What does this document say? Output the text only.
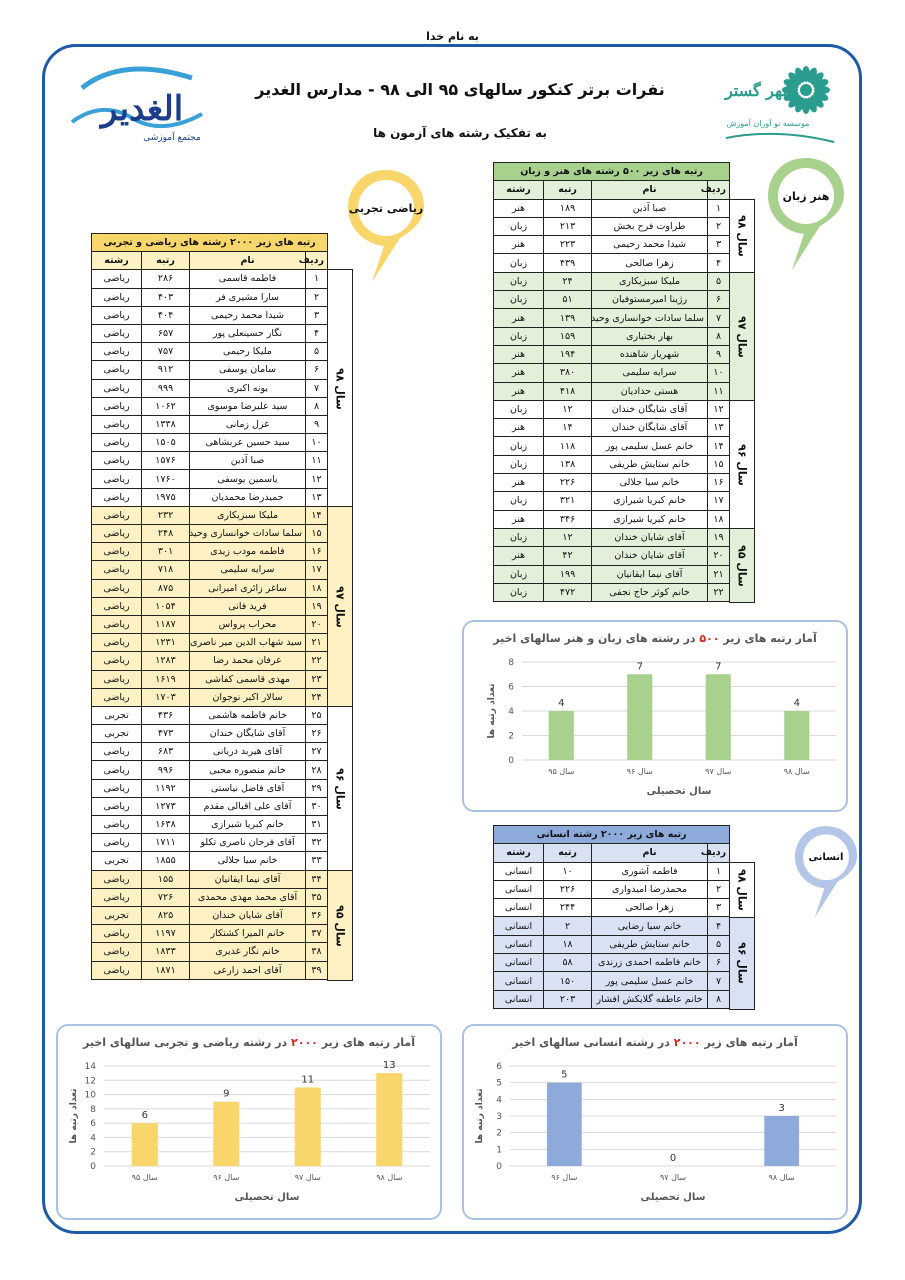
به نام خدا
نفرات برتر کنکور سالهای ۹۵ الی ۹۸ - مدارس الغدیر
به تفکیک رشته های آزمون ها
الغدیر
مجتمع آموزشی
مهر گستر
موسسه نو آوران آموزش
ریاضی تجربی
هنر زبان
انسانی
رتبه های زیر ۲۰۰۰ رشته های ریاضی و تجربی			
ردیف	نام	رتبه	رشته
۱	فاطمه قاسمی	۲۸۶	ریاضی
۲	سارا مشیری فر	۴۰۳	ریاضی
۳	شیدا محمد رحیمی	۴۰۴	ریاضی
۴	نگار حسینعلی پور	۶۵۷	ریاضی
۵	ملیکا رحیمی	۷۵۷	ریاضی
۶	سامان یوسفی	۹۱۲	ریاضی
۷	یونه اکبری	۹۹۹	ریاضی
۸	سید علیرضا موسوی	۱۰۶۲	ریاضی
۹	غزل زمانی	۱۳۳۸	ریاضی
۱۰	سید حسین عربشاهی	۱۵۰۵	ریاضی
۱۱	صبا آذین	۱۵۷۶	ریاضی
۱۲	یاسمین یوسفی	۱۷۶۰	ریاضی
۱۳	حمیدرضا محمدیان	۱۹۷۵	ریاضی
۱۴	ملیکا سبزیکاری	۲۳۲	ریاضی
۱۵	سلما سادات خوانساری وحید	۲۴۸	ریاضی
۱۶	فاطمه مودب زیدی	۳۰۱	ریاضی
۱۷	سرایه سلیمی	۷۱۸	ریاضی
۱۸	ساغر زائری امیرانی	۸۷۵	ریاضی
۱۹	فرید فانی	۱۰۵۴	ریاضی
۲۰	محراب پرواس	۱۱۸۷	ریاضی
۲۱	سید شهاب الدین میر ناصری	۱۲۳۱	ریاضی
۲۲	عرفان محمد رضا	۱۲۸۳	ریاضی
۲۳	مهدی قاسمی کفاشی	۱۶۱۹	ریاضی
۲۴	سالار اکبر نوجوان	۱۷۰۳	ریاضی
۲۵	خانم فاطمه هاشمی	۴۳۶	تجربی
۲۶	آقای شایگان خندان	۴۷۳	تجربی
۲۷	آقای هیربد دریانی	۶۸۳	ریاضی
۲۸	خانم منصوره محبی	۹۹۶	ریاضی
۲۹	آقای فاضل نیاستی	۱۱۹۲	ریاضی
۳۰	آقای علی اقبالی مقدم	۱۲۷۳	ریاضی
۳۱	خانم کبریا شیرازی	۱۶۳۸	ریاضی
۳۲	آقای فرحان ناصری تکلو	۱۷۱۱	ریاضی
۳۳	خانم سیا جلالی	۱۸۵۵	تجربی
۳۴	آقای نیما ایقانیان	۱۵۵	ریاضی
۳۵	آقای محمد مهدی محمدی	۷۲۶	ریاضی
۳۶	آقای شایان خندان	۸۲۵	تجربی
۳۷	خانم المیرا کشتکار	۱۱۹۷	ریاضی
۳۸	خانم نگار غدیری	۱۸۳۳	ریاضی
۳۹	آقای احمد زارعی	۱۸۷۱	ریاضی
رتبه های زیر ۵۰۰ رشته های هنر و زبان			
ردیف	نام	رتبه	رشته
۱	صبا آذین	۱۸۹	هنر
۲	طراوت فرح بخش	۲۱۳	زبان
۳	شیدا محمد رحیمی	۲۲۳	هنر
۴	زهرا صالحی	۴۳۹	زبان
۵	ملیکا سبزیکاری	۲۴	زبان
۶	رژینا امیرمستوفیان	۵۱	زبان
۷	سلما سادات خوانساری وحید	۱۳۹	هنر
۸	بهار بختیاری	۱۵۹	زبان
۹	شهریار شاهنده	۱۹۴	هنر
۱۰	سرایه سلیمی	۳۸۰	هنر
۱۱	هستی حدادیان	۴۱۸	هنر
۱۲	آقای شایگان خندان	۱۲	زبان
۱۳	آقای شایگان خندان	۱۴	هنر
۱۴	خانم عسل سلیمی پور	۱۱۸	زبان
۱۵	خانم ستایش طریفی	۱۳۸	زبان
۱۶	خانم سیا جلالی	۲۲۶	هنر
۱۷	خانم کبریا شیرازی	۳۲۱	زبان
۱۸	خانم کبریا شیرازی	۳۴۶	هنر
۱۹	آقای شایان خندان	۱۲	زبان
۲۰	آقای شایان خندان	۴۲	هنر
۲۱	آقای نیما ایقانیان	۱۹۹	زبان
۲۲	خانم کوثر حاج نجفی	۴۷۲	زبان
رتبه های زیر ۲۰۰۰ رشته انسانی			
ردیف	نام	رتبه	رشته
۱	فاطمه آشوری	۱۰	انسانی
۲	محمدرضا امیدواری	۲۲۶	انسانی
۳	زهرا صالحی	۲۴۴	انسانی
۴	خانم سیا رضایی	۲	انسانی
۵	خانم ستایش طریفی	۱۸	انسانی
۶	خانم فاطمه احمدی زرندی	۵۸	انسانی
۷	خانم عسل سلیمی پور	۱۵۰	انسانی
۸	خانم عاطفه گلایکش افشار	۲۰۳	انسانی
سال ۹۸
سال ۹۷
سال ۹۶
سال ۹۵
سال ۹۸
سال ۹۷
سال ۹۶
سال ۹۵
سال ۹۸
سال ۹۶
آمار رتبه های زیر ۵۰۰ در رشته های زبان و هنر سالهای اخیر
0
2
4
6
8
4
سال ۹۵
7
سال ۹۶
7
سال ۹۷
4
سال ۹۸
سال تحصیلی
تعداد رتبه ها
آمار رتبه های زیر ۲۰۰۰ در رشته ریاضی و تجربی سالهای اخیر
0
2
4
6
8
10
12
14
6
سال ۹۵
9
سال ۹۶
11
سال ۹۷
13
سال ۹۸
سال تحصیلی
تعداد رتبه ها
آمار رتبه های زیر ۲۰۰۰ در رشته انسانی سالهای اخیر
0
1
2
3
4
5
6
5
سال ۹۶
0
سال ۹۷
3
سال ۹۸
سال تحصیلی
تعداد رتبه ها
